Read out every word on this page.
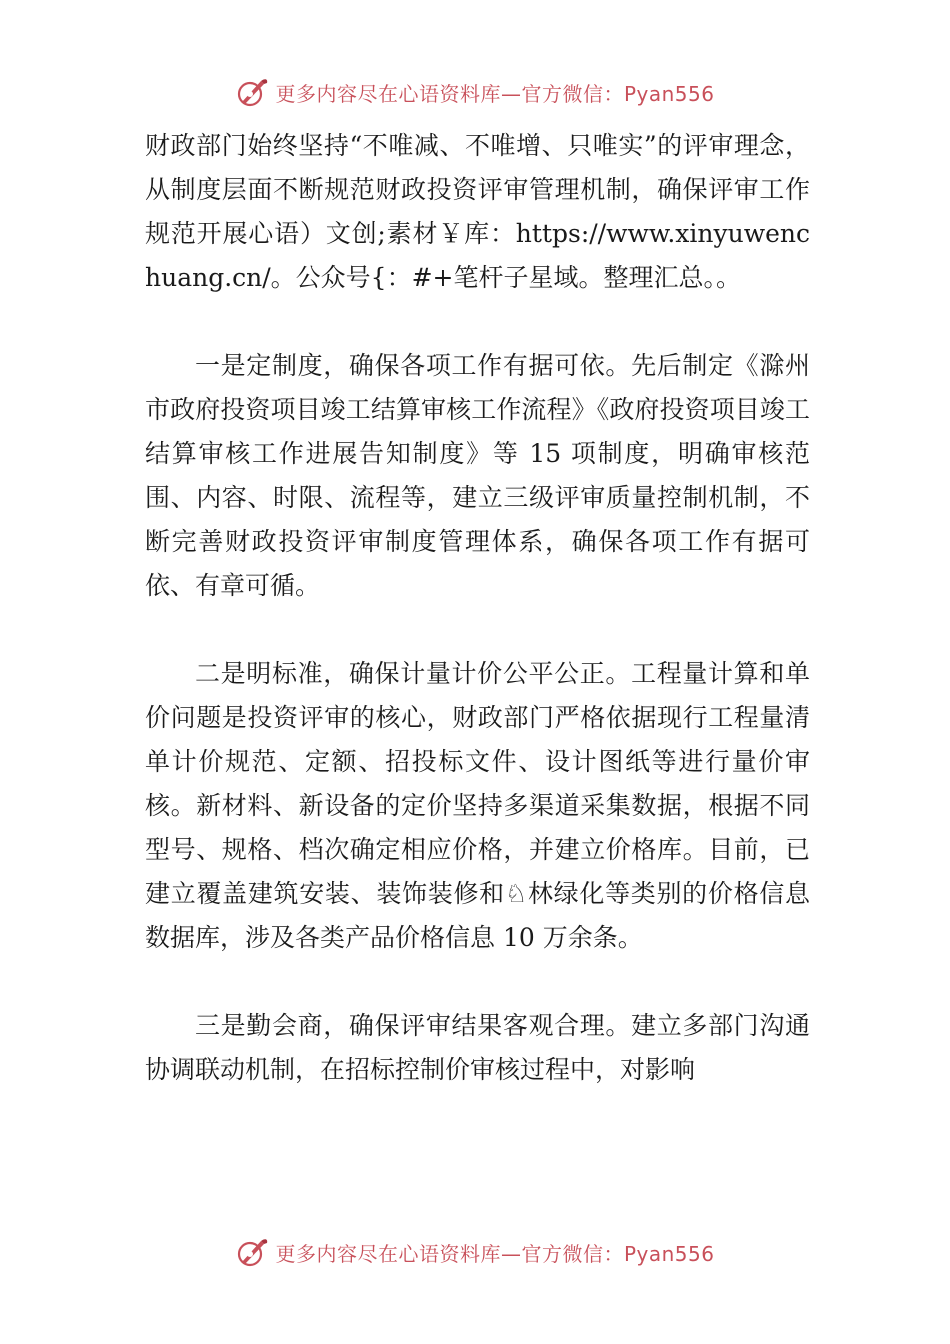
更多内容尽在心语资料库—官方微信：Pyan556

财政部门始终坚持“不唯减、不唯增、只唯实”的评审理念，从制度层面不断规范财政投资评审管理机制，确保评审工作规范开展心语）文创;素材￥库：https://www.xinyuwenchuang.cn/。公众号{：#+笔杆子星域。整理汇总。。

一是定制度，确保各项工作有据可依。先后制定《滁州市政府投资项目竣工结算审核工作流程》《政府投资项目竣工结算审核工作进展告知制度》等 15 项制度，明确审核范围、内容、时限、流程等，建立三级评审质量控制机制，不断完善财政投资评审制度管理体系，确保各项工作有据可依、有章可循。

二是明标准，确保计量计价公平公正。工程量计算和单价问题是投资评审的核心，财政部门严格依据现行工程量清单计价规范、定额、招投标文件、设计图纸等进行量价审核。新材料、新设备的定价坚持多渠道采集数据，根据不同型号、规格、档次确定相应价格，并建立价格库。目前，已建立覆盖建筑安装、装饰装修和♘林绿化等类别的价格信息数据库，涉及各类产品价格信息 10 万余条。

三是勤会商，确保评审结果客观合理。建立多部门沟通协调联动机制，在招标控制价审核过程中，对影响

更多内容尽在心语资料库—官方微信：Pyan556
